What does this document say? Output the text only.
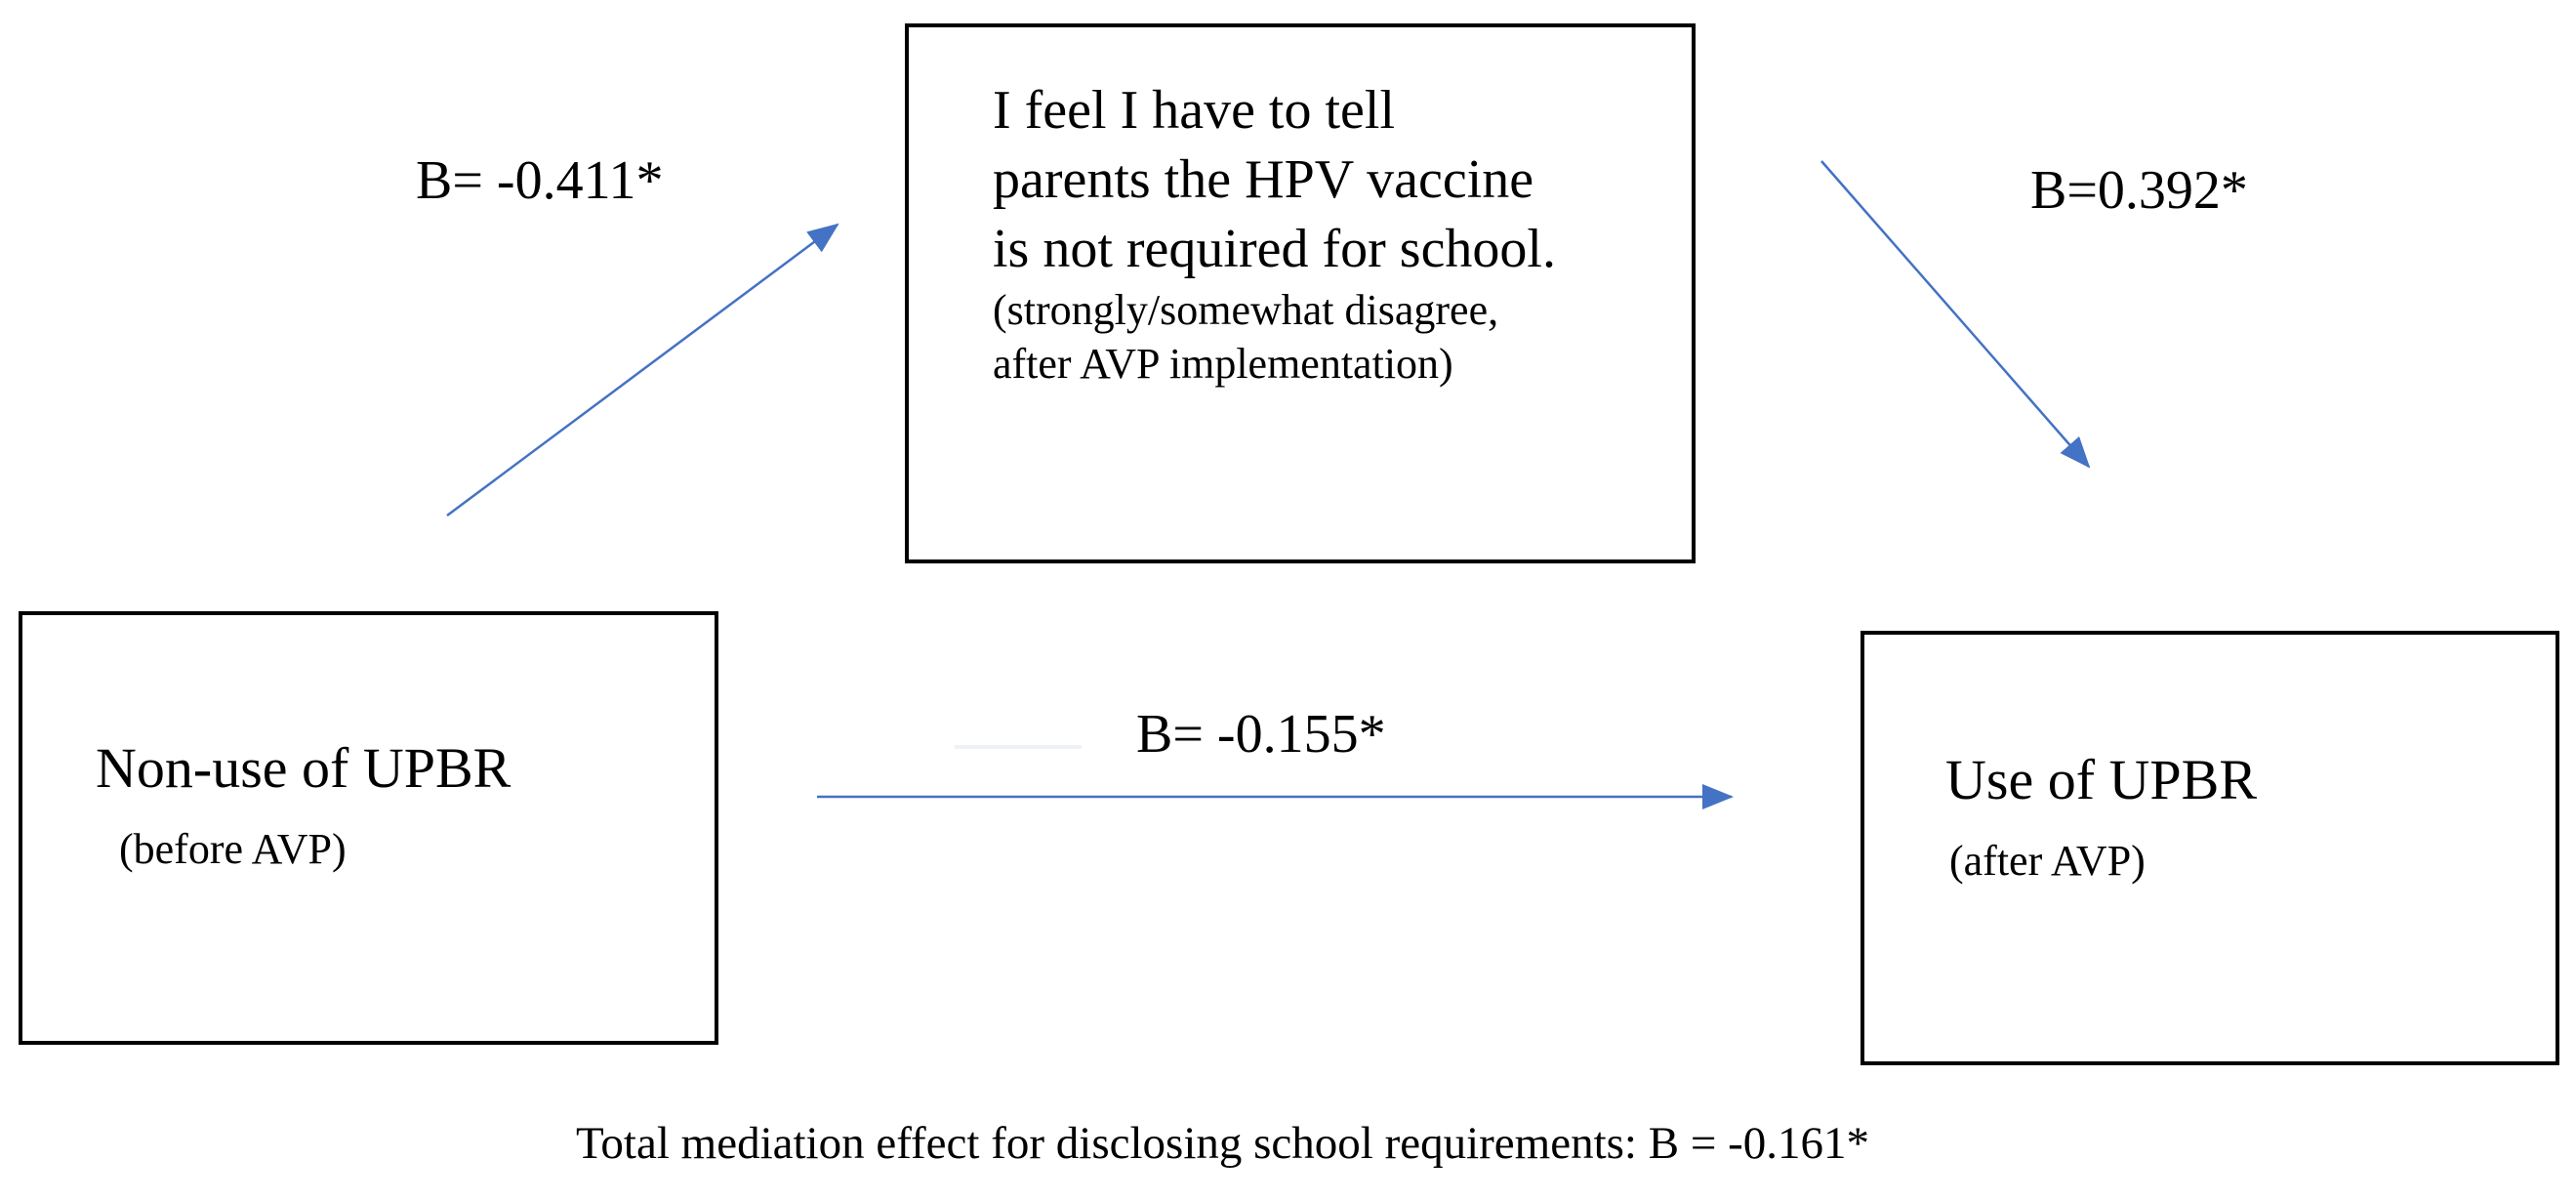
I feel I have to tell
parents the HPV vaccine
is not required for school.
(strongly/somewhat disagree,
after AVP implementation)
Non-use of UPBR
(before AVP)
Use of UPBR
(after AVP)
B= -0.411*	B=0.392*
B= -0.155*
Total mediation effect for disclosing school requirements: B = -0.161*
